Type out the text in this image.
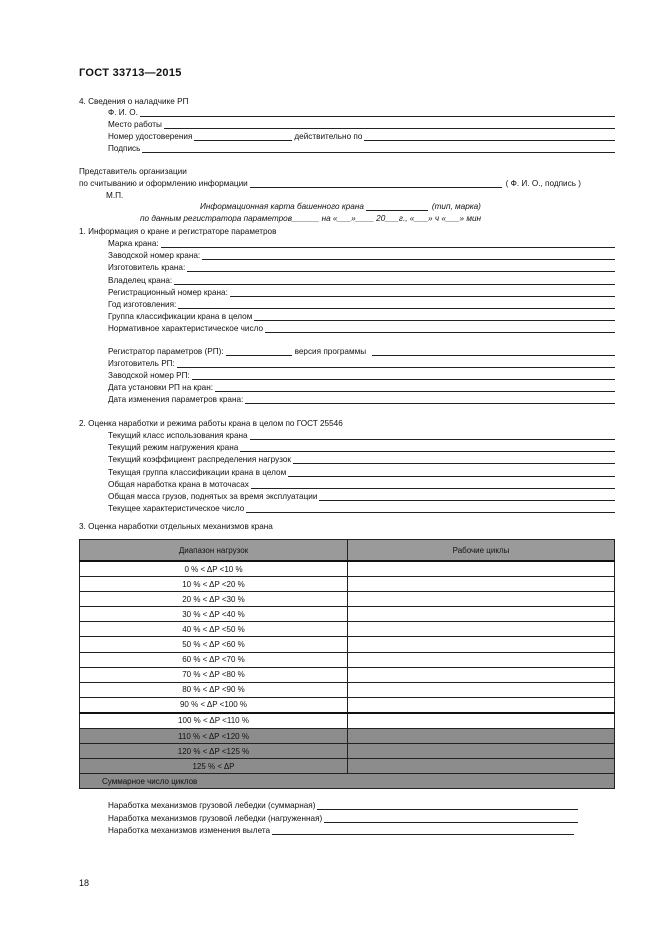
ГОСТ 33713—2015
4. Сведения о наладчике РП
Ф. И. О.
Место работы
Номер удостоверения	действительно по
Подпись
Представитель организации
по считыванию и оформлению информации	( Ф. И. О., подпись )
М.П.
Информационная карта башенного крана	(тип, марка)
по данным регистратора параметров______ на «___»____ 20___г., «___» ч «___» мин
1. Информация о кране и регистраторе параметров
Марка крана:
Заводской номер крана:
Изготовитель крана:
Владелец крана:
Регистрационный номер крана:
Год изготовления:
Группа классификации крана в целом
Нормативное характеристическое число
Регистратор параметров (РП):	версия программы
Изготовитель РП:
Заводской номер РП:
Дата установки РП на кран:
Дата изменения параметров крана:
2. Оценка наработки и режима работы крана в целом по ГОСТ 25546
Текущий класс использования крана
Текущий режим нагружения крана
Текущий коэффициент распределения нагрузок
Текущая группа классификации крана в целом
Общая наработка крана в моточасах
Общая масса грузов, поднятых за время эксплуатации
Текущее характеристическое число
3. Оценка наработки отдельных механизмов крана
Диапазон нагрузок	Рабочие циклы
0 % < ΔP <10 %	
10 % < ΔP <20 %	
20 % < ΔP <30 %	
30 % < ΔP <40 %	
40 % < ΔP <50 %	
50 % < ΔP <60 %	
60 % < ΔP <70 %	
70 % < ΔP <80 %	
80 % < ΔP <90 %	
90 % < ΔP <100 %	
100 % < ΔP <110 %	
110 % < ΔP <120 %	
120 % < ΔP <125 %	
125 % < ΔP	
Суммарное число циклов	
Наработка механизмов грузовой лебедки (суммарная)
Наработка механизмов грузовой лебедки (нагруженная)
Наработка механизмов изменения вылета
18
